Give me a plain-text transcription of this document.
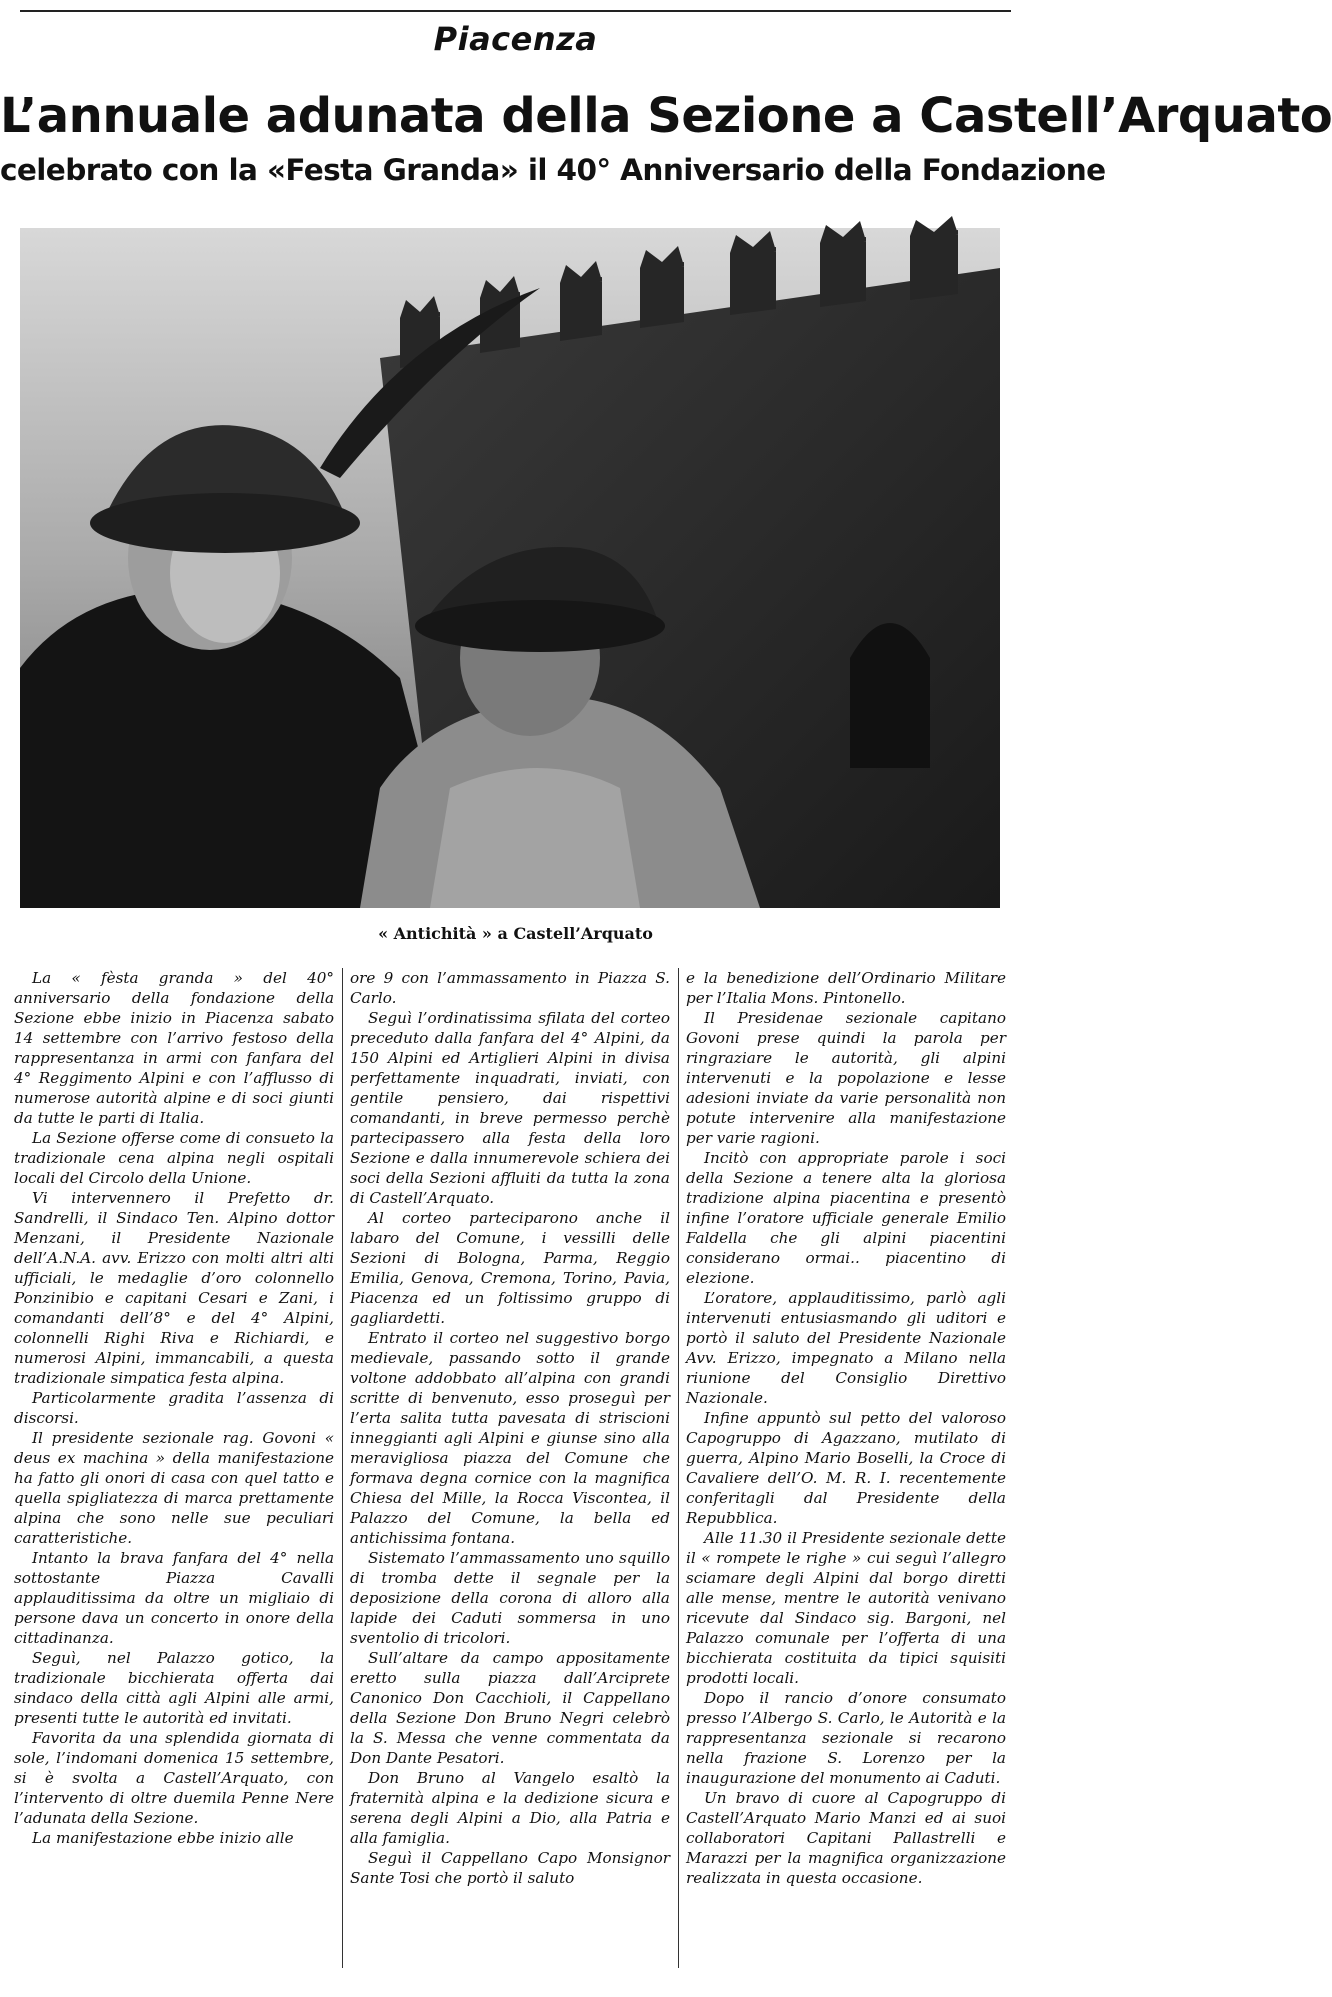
Piacenza
L’annuale adunata della Sezione a Castell’Arquato
celebrato con la «Festa Granda» il 40° Anniversario della Fondazione
« Antichità » a Castell’Arquato

La « fèsta granda » del 40° anniversario della fondazione della Sezione ebbe inizio in Piacenza sabato 14 settembre con l’arrivo festoso della rappresentanza in armi con fanfara del 4° Reggimento Alpini e con l’afflusso di numerose autorità alpine e di soci giunti da tutte le parti di Italia.

La Sezione offerse come di consueto la tradizionale cena alpina negli ospitali locali del Circolo della Unione.

Vi intervennero il Prefetto dr. Sandrelli, il Sindaco Ten. Alpino dottor Menzani, il Presidente Nazionale dell’A.N.A. avv. Erizzo con molti altri alti ufficiali, le medaglie d’oro colonnello Ponzinibio e capitani Cesari e Zani, i comandanti dell’8° e del 4° Alpini, colonnelli Righi Riva e Richiardi, e numerosi Alpini, immancabili, a questa tradizionale simpatica festa alpina.

Particolarmente gradita l’assenza di discorsi.

Il presidente sezionale rag. Govoni « deus ex machina » della manifestazione ha fatto gli onori di casa con quel tatto e quella spigliatezza di marca prettamente alpina che sono nelle sue peculiari caratteristiche.

Intanto la brava fanfara del 4° nella sottostante Piazza Cavalli applauditissima da oltre un migliaio di persone dava un concerto in onore della cittadinanza.

Seguì, nel Palazzo gotico, la tradizionale bicchierata offerta dai sindaco della città agli Alpini alle armi, presenti tutte le autorità ed invitati.

Favorita da una splendida giornata di sole, l’indomani domenica 15 settembre, si è svolta a Castell’Arquato, con l’intervento di oltre duemila Penne Nere l’adunata della Sezione.

La manifestazione ebbe inizio alle

ore 9 con l’ammassamento in Piazza S. Carlo.

Seguì l’ordinatissima sfilata del corteo preceduto dalla fanfara del 4° Alpini, da 150 Alpini ed Artiglieri Alpini in divisa perfettamente inquadrati, inviati, con gentile pensiero, dai rispettivi comandanti, in breve permesso perchè partecipassero alla festa della loro Sezione e dalla innumerevole schiera dei soci della Sezioni affluiti da tutta la zona di Castell’Arquato.

Al corteo parteciparono anche il labaro del Comune, i vessilli delle Sezioni di Bologna, Parma, Reggio Emilia, Genova, Cremona, Torino, Pavia, Piacenza ed un foltissimo gruppo di gagliardetti.

Entrato il corteo nel suggestivo borgo medievale, passando sotto il grande voltone addobbato all’alpina con grandi scritte di benvenuto, esso proseguì per l’erta salita tutta pavesata di striscioni inneggianti agli Alpini e giunse sino alla meravigliosa piazza del Comune che formava degna cornice con la magnifica Chiesa del Mille, la Rocca Viscontea, il Palazzo del Comune, la bella ed antichissima fontana.

Sistemato l’ammassamento uno squillo di tromba dette il segnale per la deposizione della corona di alloro alla lapide dei Caduti sommersa in uno sventolio di tricolori.

Sull’altare da campo appositamente eretto sulla piazza dall’Arciprete Canonico Don Cacchioli, il Cappellano della Sezione Don Bruno Negri celebrò la S. Messa che venne commentata da Don Dante Pesatori.

Don Bruno al Vangelo esaltò la fraternità alpina e la dedizione sicura e serena degli Alpini a Dio, alla Patria e alla famiglia.

Seguì il Cappellano Capo Monsignor Sante Tosi che portò il saluto

e la benedizione dell’Ordinario Militare per l’Italia Mons. Pintonello.

Il Presidenae sezionale capitano Govoni prese quindi la parola per ringraziare le autorità, gli alpini intervenuti e la popolazione e lesse adesioni inviate da varie personalità non potute intervenire alla manifestazione per varie ragioni.

Incitò con appropriate parole i soci della Sezione a tenere alta la gloriosa tradizione alpina piacentina e presentò infine l’oratore ufficiale generale Emilio Faldella che gli alpini piacentini considerano ormai.. piacentino di elezione.

L’oratore, applauditissimo, parlò agli intervenuti entusiasmando gli uditori e portò il saluto del Presidente Nazionale Avv. Erizzo, impegnato a Milano nella riunione del Consiglio Direttivo Nazionale.

Infine appuntò sul petto del valoroso Capogruppo di Agazzano, mutilato di guerra, Alpino Mario Boselli, la Croce di Cavaliere dell’O. M. R. I. recentemente conferitagli dal Presidente della Repubblica.

Alle 11.30 il Presidente sezionale dette il « rompete le righe » cui seguì l’allegro sciamare degli Alpini dal borgo diretti alle mense, mentre le autorità venivano ricevute dal Sindaco sig. Bargoni, nel Palazzo comunale per l’offerta di una bicchierata costituita da tipici squisiti prodotti locali.

Dopo il rancio d’onore consumato presso l’Albergo S. Carlo, le Autorità e la rappresentanza sezionale si recarono nella frazione S. Lorenzo per la inaugurazione del monumento ai Caduti.

Un bravo di cuore al Capogruppo di Castell’Arquato Mario Manzi ed ai suoi collaboratori Capitani Pallastrelli e Marazzi per la magnifica organizzazione realizzata in questa occasione.
